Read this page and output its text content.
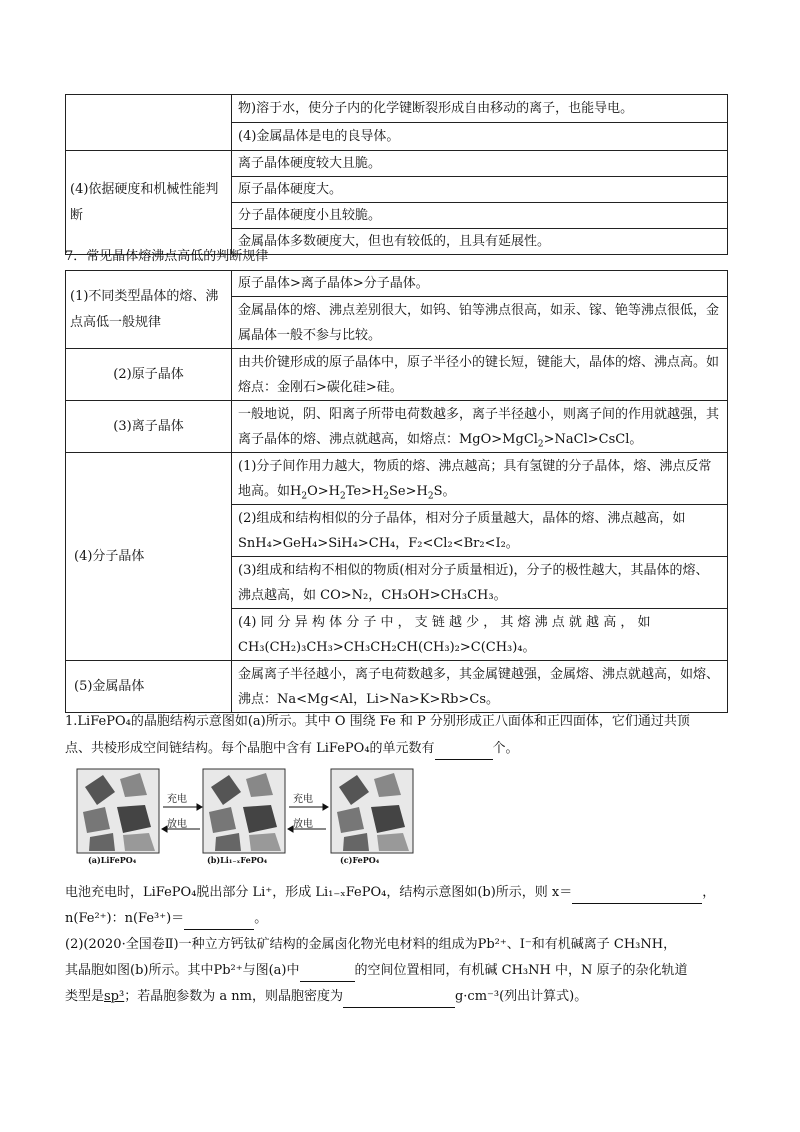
	物)溶于水，使分子内的化学键断裂形成自由移动的离子，也能导电。
	(4)金属晶体是电的良导体。
(4)依据硬度和机械性能判断	离子晶体硬度较大且脆。
	原子晶体硬度大。
	分子晶体硬度小且较脆。
	金属晶体多数硬度大，但也有较低的，且具有延展性。
7．常见晶体熔沸点高低的判断规律
(1)不同类型晶体的熔、沸点高低一般规律	原子晶体>离子晶体>分子晶体。
	金属晶体的熔、沸点差别很大，如钨、铂等沸点很高，如汞、镓、铯等沸点很低，金属晶体一般不参与比较。
(2)原子晶体	由共价键形成的原子晶体中，原子半径小的键长短，键能大，晶体的熔、沸点高。如熔点：金刚石>碳化硅>硅。
(3)离子晶体	一般地说，阴、阳离子所带电荷数越多，离子半径越小，则离子间的作用就越强，其离子晶体的熔、沸点就越高，如熔点：MgO>MgCl$_2$>NaCl>CsCl。
(4)分子晶体	(1)分子间作用力越大，物质的熔、沸点越高；具有氢键的分子晶体，熔、沸点反常地高。如$H_2O>H_2Te>H_2Se>H_2S$。
	(2)组成和结构相似的分子晶体，相对分子质量越大，晶体的熔、沸点越高，如
SnH₄>GeH₄>SiH₄>CH₄，F₂<Cl₂<Br₂<I₂。
	(3)组成和结构不相似的物质(相对分子质量相近)，分子的极性越大，其晶体的熔、沸点越高，如 CO>N₂，CH₃OH>CH₃CH₃。
	(4) 同 分 异 构 体 分 子 中 ， 支 链 越 少 ， 其 熔 沸 点 就 越 高 ， 如
CH₃(CH₂)₃CH₃>CH₃CH₂CH(CH₃)₂>C(CH₃)₄。
(5)金属晶体	金属离子半径越小，离子电荷数越多，其金属键越强，金属熔、沸点就越高，如熔、沸点：Na<Mg<Al，Li>Na>K>Rb>Cs。
1.LiFePO₄的晶胞结构示意图如(a)所示。其中 O 围绕 Fe 和 P 分别形成正八面体和正四面体，它们通过共顶
点、共棱形成空间链结构。每个晶胞中含有 LiFePO₄的单元数有	个。
充电
放电
充电
放电
(a)LiFePO₄	(b)Li₁₋ₓFePO₄	(c)FePO₄
电池充电时，LiFePO₄脱出部分 Li⁺，形成 Li₁₋ₓFePO₄，结构示意图如(b)所示，则 x＝	，
n(Fe²⁺)：n(Fe³⁺)＝	。
(2)(2020·全国卷Ⅱ)一种立方钙钛矿结构的金属卤化物光电材料的组成为Pb²⁺、I⁻和有机碱离子 CH₃NH，
其晶胞如图(b)所示。其中Pb²⁺与图(a)中	的空间位置相同，有机碱 CH₃NH 中，N 原子的杂化轨道
类型是sp³；若晶胞参数为 a nm，则晶胞密度为	g·cm⁻³(列出计算式)。
